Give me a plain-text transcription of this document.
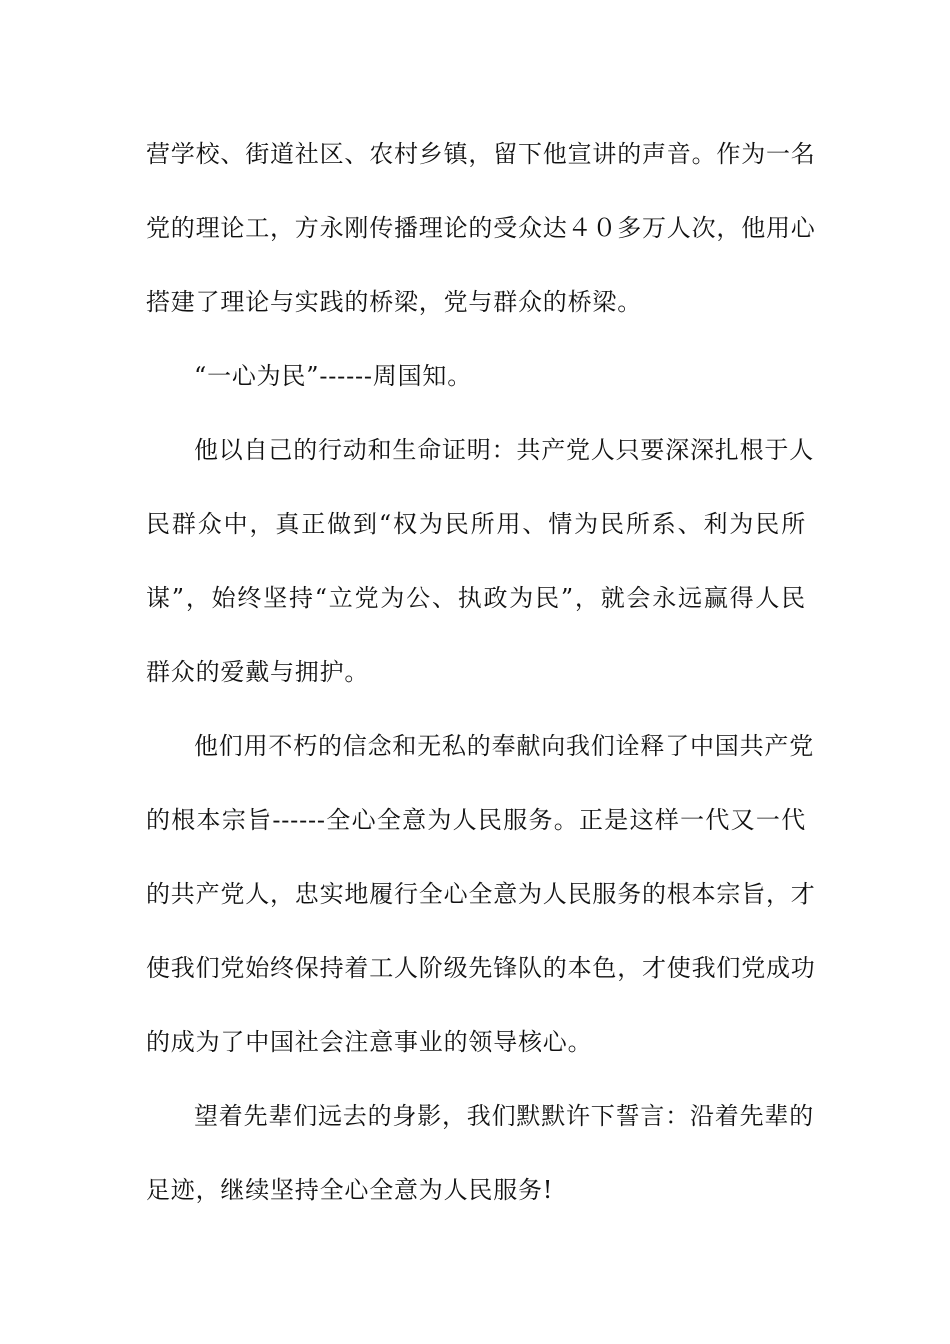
营学校、街道社区、农村乡镇，留下他宣讲的声音。作为一名
党的理论工，方永刚传播理论的受众达４０多万人次，他用心
搭建了理论与实践的桥梁，党与群众的桥梁。
“一心为民”------周国知。
他以自己的行动和生命证明：共产党人只要深深扎根于人
民群众中，真正做到“权为民所用、情为民所系、利为民所
谋”，始终坚持“立党为公、执政为民”，就会永远赢得人民
群众的爱戴与拥护。
他们用不朽的信念和无私的奉献向我们诠释了中国共产党
的根本宗旨------全心全意为人民服务。正是这样一代又一代
的共产党人，忠实地履行全心全意为人民服务的根本宗旨，才
使我们党始终保持着工人阶级先锋队的本色，才使我们党成功
的成为了中国社会注意事业的领导核心。
望着先辈们远去的身影，我们默默许下誓言：沿着先辈的
足迹，继续坚持全心全意为人民服务!
